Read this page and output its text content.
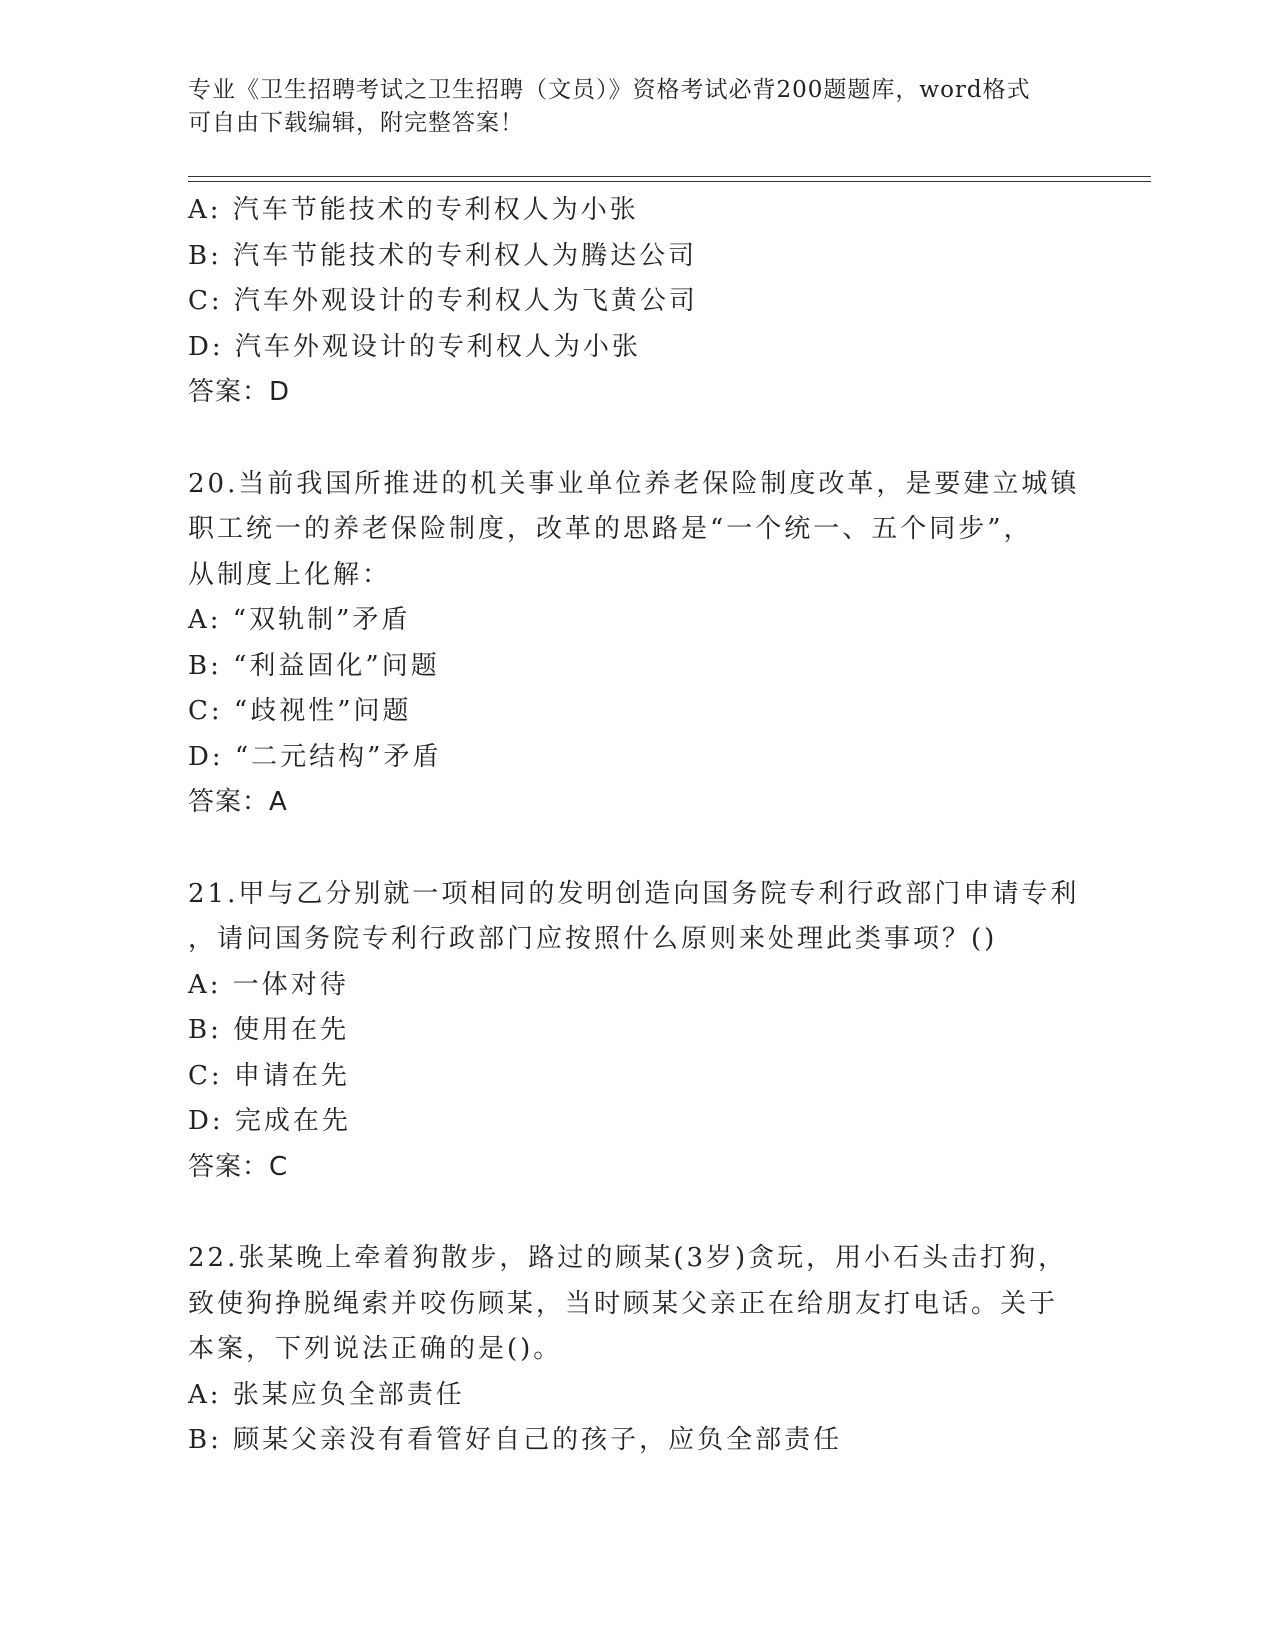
专业《卫生招聘考试之卫生招聘（文员）》资格考试必背200题题库，word格式
可自由下载编辑，附完整答案！
A: 汽车节能技术的专利权人为小张
B: 汽车节能技术的专利权人为腾达公司
C: 汽车外观设计的专利权人为飞黄公司
D: 汽车外观设计的专利权人为小张
答案：D
20.当前我国所推进的机关事业单位养老保险制度改革，是要建立城镇
职工统一的养老保险制度，改革的思路是“一个统一、五个同步”，
从制度上化解：
A: “双轨制”矛盾
B: “利益固化”问题
C: “歧视性”问题
D: “二元结构”矛盾
答案：A
21.甲与乙分别就一项相同的发明创造向国务院专利行政部门申请专利
，请问国务院专利行政部门应按照什么原则来处理此类事项？()
A: 一体对待
B: 使用在先
C: 申请在先
D: 完成在先
答案：C
22.张某晚上牵着狗散步，路过的顾某(3岁)贪玩，用小石头击打狗，
致使狗挣脱绳索并咬伤顾某，当时顾某父亲正在给朋友打电话。关于
本案，下列说法正确的是()。
A: 张某应负全部责任
B: 顾某父亲没有看管好自己的孩子，应负全部责任
